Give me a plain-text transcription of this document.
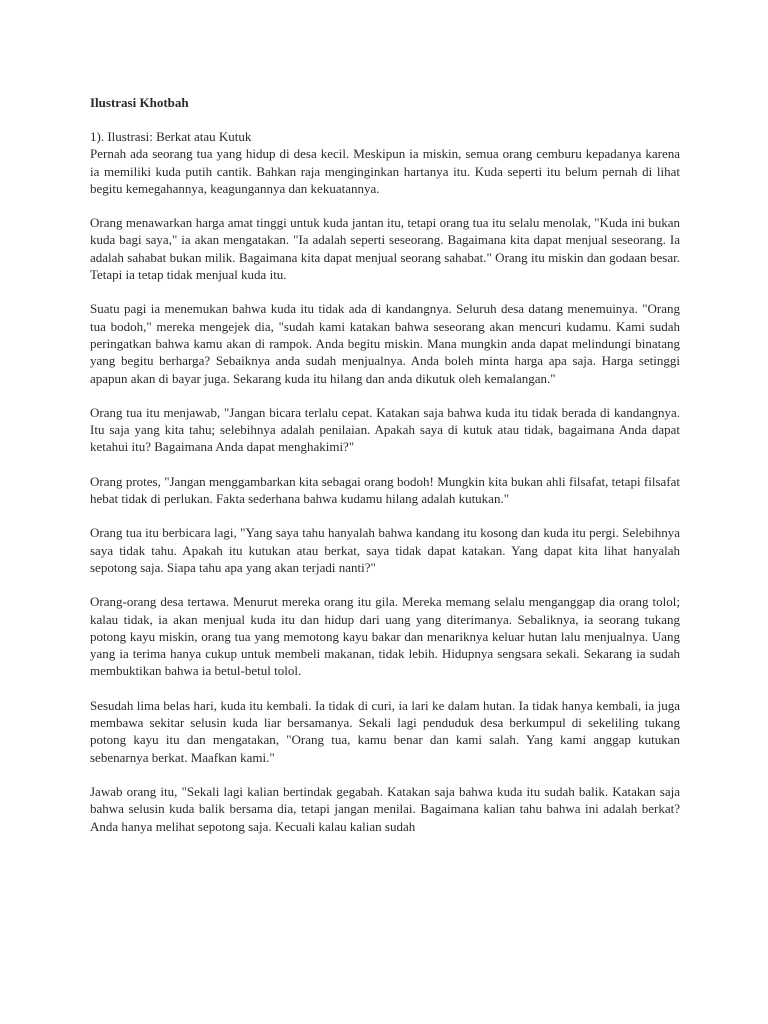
Ilustrasi Khotbah
1). Ilustrasi: Berkat atau Kutuk

Pernah ada seorang tua yang hidup di desa kecil. Meskipun ia miskin, semua orang cemburu kepadanya karena ia memiliki kuda putih cantik. Bahkan raja menginginkan hartanya itu. Kuda seperti itu belum pernah di lihat begitu kemegahannya, keagungannya dan kekuatannya.

Orang menawarkan harga amat tinggi untuk kuda jantan itu, tetapi orang tua itu selalu menolak, "Kuda ini bukan kuda bagi saya," ia akan mengatakan. "Ia adalah seperti seseorang. Bagaimana kita dapat menjual seseorang. Ia adalah sahabat bukan milik. Bagaimana kita dapat menjual seorang sahabat." Orang itu miskin dan godaan besar. Tetapi ia tetap tidak menjual kuda itu.

Suatu pagi ia menemukan bahwa kuda itu tidak ada di kandangnya. Seluruh desa datang menemuinya. "Orang tua bodoh," mereka mengejek dia, "sudah kami katakan bahwa seseorang akan mencuri kudamu. Kami sudah peringatkan bahwa kamu akan di rampok. Anda begitu miskin. Mana mungkin anda dapat melindungi binatang yang begitu berharga? Sebaiknya anda sudah menjualnya. Anda boleh minta harga apa saja. Harga setinggi apapun akan di bayar juga. Sekarang kuda itu hilang dan anda dikutuk oleh kemalangan."

Orang tua itu menjawab, "Jangan bicara terlalu cepat. Katakan saja bahwa kuda itu tidak berada di kandangnya. Itu saja yang kita tahu; selebihnya adalah penilaian. Apakah saya di kutuk atau tidak, bagaimana Anda dapat ketahui itu? Bagaimana Anda dapat menghakimi?"

Orang protes, "Jangan menggambarkan kita sebagai orang bodoh! Mungkin kita bukan ahli filsafat, tetapi filsafat hebat tidak di perlukan. Fakta sederhana bahwa kudamu hilang adalah kutukan."

Orang tua itu berbicara lagi, "Yang saya tahu hanyalah bahwa kandang itu kosong dan kuda itu pergi. Selebihnya saya tidak tahu. Apakah itu kutukan atau berkat, saya tidak dapat katakan. Yang dapat kita lihat hanyalah sepotong saja. Siapa tahu apa yang akan terjadi nanti?"

Orang-orang desa tertawa. Menurut mereka orang itu gila. Mereka memang selalu menganggap dia orang tolol; kalau tidak, ia akan menjual kuda itu dan hidup dari uang yang diterimanya. Sebaliknya, ia seorang tukang potong kayu miskin, orang tua yang memotong kayu bakar dan menariknya keluar hutan lalu menjualnya. Uang yang ia terima hanya cukup untuk membeli makanan, tidak lebih. Hidupnya sengsara sekali. Sekarang ia sudah membuktikan bahwa ia betul-betul tolol.

Sesudah lima belas hari, kuda itu kembali. Ia tidak di curi, ia lari ke dalam hutan. Ia tidak hanya kembali, ia juga membawa sekitar selusin kuda liar bersamanya. Sekali lagi penduduk desa berkumpul di sekeliling tukang potong kayu itu dan mengatakan, "Orang tua, kamu benar dan kami salah. Yang kami anggap kutukan sebenarnya berkat. Maafkan kami."

Jawab orang itu, "Sekali lagi kalian bertindak gegabah. Katakan saja bahwa kuda itu sudah balik. Katakan saja bahwa selusin kuda balik bersama dia, tetapi jangan menilai. Bagaimana kalian tahu bahwa ini adalah berkat? Anda hanya melihat sepotong saja. Kecuali kalau kalian sudah
